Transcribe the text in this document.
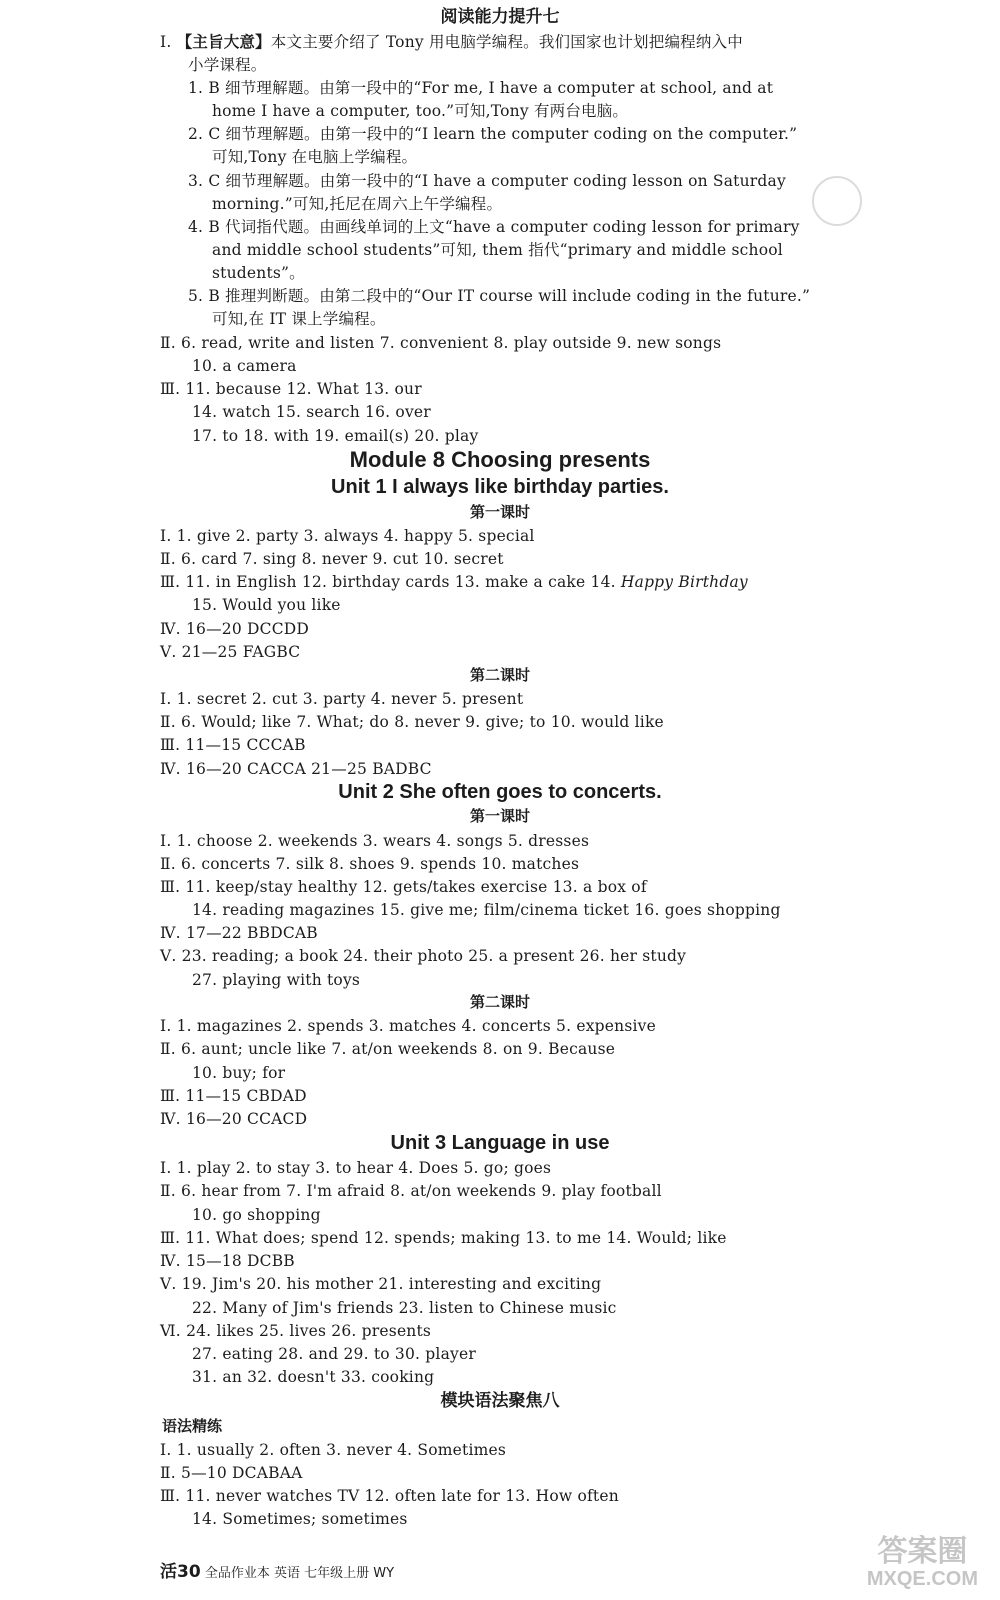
阅读能力提升七
Ⅰ. 【主旨大意】本文主要介绍了 Tony 用电脑学编程。我们国家也计划把编程纳入中
小学课程。
1. B 细节理解题。由第一段中的“For me, I have a computer at school, and at
home I have a computer, too.”可知,Tony 有两台电脑。
2. C 细节理解题。由第一段中的“I learn the computer coding on the computer.”
可知,Tony 在电脑上学编程。
3. C 细节理解题。由第一段中的“I have a computer coding lesson on Saturday
morning.”可知,托尼在周六上午学编程。
4. B 代词指代题。由画线单词的上文“have a computer coding lesson for primary
and middle school students”可知, them 指代“primary and middle school
students”。
5. B 推理判断题。由第二段中的“Our IT course will include coding in the future.”
可知,在 IT 课上学编程。
Ⅱ. 6. read, write and listen 7. convenient 8. play outside 9. new songs
10. a camera
Ⅲ. 11. because 12. What 13. our
14. watch 15. search 16. over
17. to 18. with 19. email(s) 20. play
Module 8 Choosing presents
Unit 1 I always like birthday parties.
第一课时
Ⅰ. 1. give 2. party 3. always 4. happy 5. special
Ⅱ. 6. card 7. sing 8. never 9. cut 10. secret
Ⅲ. 11. in English 12. birthday cards 13. make a cake 14. Happy Birthday
15. Would you like
Ⅳ. 16—20 DCCDD
Ⅴ. 21—25 FAGBC
第二课时
Ⅰ. 1. secret 2. cut 3. party 4. never 5. present
Ⅱ. 6. Would; like 7. What; do 8. never 9. give; to 10. would like
Ⅲ. 11—15 CCCAB
Ⅳ. 16—20 CACCA 21—25 BADBC
Unit 2 She often goes to concerts.
第一课时
Ⅰ. 1. choose 2. weekends 3. wears 4. songs 5. dresses
Ⅱ. 6. concerts 7. silk 8. shoes 9. spends 10. matches
Ⅲ. 11. keep/stay healthy 12. gets/takes exercise 13. a box of
14. reading magazines 15. give me; film/cinema ticket 16. goes shopping
Ⅳ. 17—22 BBDCAB
Ⅴ. 23. reading; a book 24. their photo 25. a present 26. her study
27. playing with toys
第二课时
Ⅰ. 1. magazines 2. spends 3. matches 4. concerts 5. expensive
Ⅱ. 6. aunt; uncle like 7. at/on weekends 8. on 9. Because
10. buy; for
Ⅲ. 11—15 CBDAD
Ⅳ. 16—20 CCACD
Unit 3 Language in use
Ⅰ. 1. play 2. to stay 3. to hear 4. Does 5. go; goes
Ⅱ. 6. hear from 7. I'm afraid 8. at/on weekends 9. play football
10. go shopping
Ⅲ. 11. What does; spend 12. spends; making 13. to me 14. Would; like
Ⅳ. 15—18 DCBB
Ⅴ. 19. Jim's 20. his mother 21. interesting and exciting
22. Many of Jim's friends 23. listen to Chinese music
Ⅵ. 24. likes 25. lives 26. presents
27. eating 28. and 29. to 30. player
31. an 32. doesn't 33. cooking
模块语法聚焦八
语法精练
Ⅰ. 1. usually 2. often 3. never 4. Sometimes
Ⅱ. 5—10 DCABAA
Ⅲ. 11. never watches TV 12. often late for 13. How often
14. Sometimes; sometimes
活30 全品作业本 英语 七年级上册 WY
答案圈
MXQE.COM
